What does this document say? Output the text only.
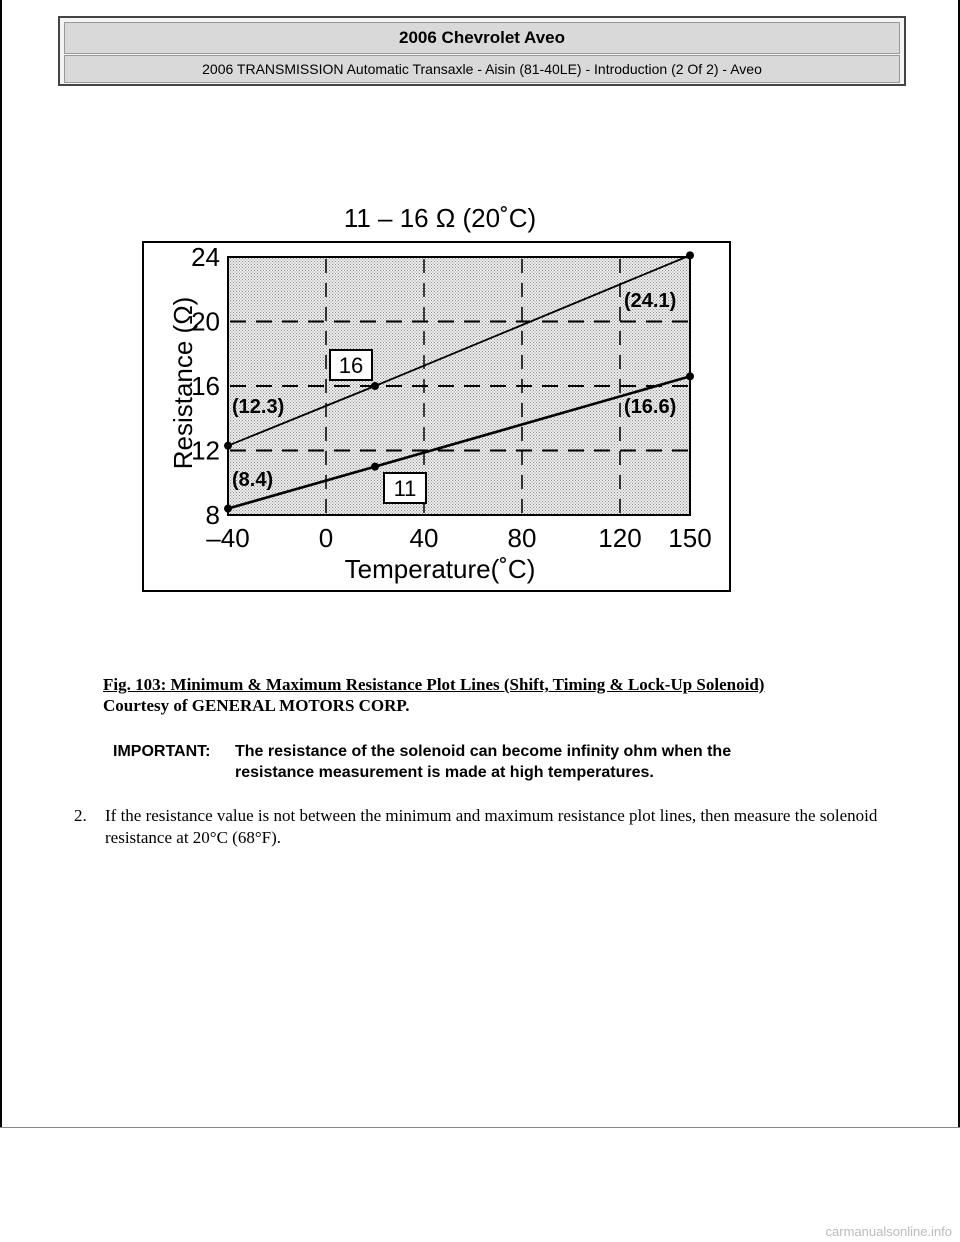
2006 Chevrolet Aveo
2006 TRANSMISSION Automatic Transaxle - Aisin (81-40LE) - Introduction (2 Of 2) - Aveo
11 – 16 Ω (20˚C)
24
20
16
12
8
–40	0	40	80 120 150
16
11
(12.3)
(24.1)
(8.4)
(16.6)
Temperature(˚C)
Resistance (Ω)
Fig. 103: Minimum & Maximum Resistance Plot Lines (Shift, Timing & Lock-Up Solenoid)
Courtesy of GENERAL MOTORS CORP.
IMPORTANT: The resistance of the solenoid can become infinity ohm when the
resistance measurement is made at high temperatures.
2. If the resistance value is not between the minimum and maximum resistance plot lines, then measure the solenoid resistance at 20°C (68°F).
carmanualsonline.info
